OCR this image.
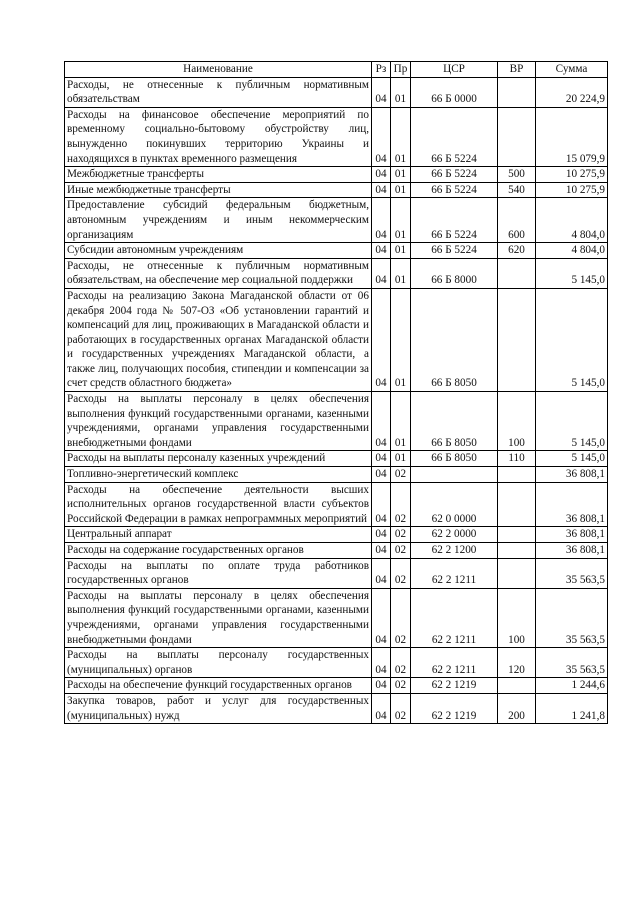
Наименование	Рз	Пр	ЦСР	ВР	Сумма
Расходы, не отнесенные к публичным нормативным обязательствам	04	01	66 Б 0000		20 224,9
Расходы на финансовое обеспечение мероприятий по временному социально-бытовому обустройству лиц, вынужденно покинувших территорию Украины и находящихся в пунктах временного размещения	04	01	66 Б 5224		15 079,9
Межбюджетные трансферты	04	01	66 Б 5224	500	10 275,9
Иные межбюджетные трансферты	04	01	66 Б 5224	540	10 275,9
Предоставление субсидий федеральным бюджетным, автономным учреждениям и иным некоммерческим организациям	04	01	66 Б 5224	600	4 804,0
Субсидии автономным учреждениям	04	01	66 Б 5224	620	4 804,0
Расходы, не отнесенные к публичным нормативным обязательствам, на обеспечение мер социальной поддержки	04	01	66 Б 8000		5 145,0
Расходы на реализацию Закона Магаданской области от 06 декабря 2004 года № 507-ОЗ «Об установлении гарантий и компенсаций для лиц, проживающих в Магаданской области и работающих в государственных органах Магаданской области и государственных учреждениях Магаданской области, а также лиц, получающих пособия, стипендии и компенсации за счет средств областного бюджета»	04	01	66 Б 8050		5 145,0
Расходы на выплаты персоналу в целях обеспечения выполнения функций государственными органами, казенными учреждениями, органами управления государственными внебюджетными фондами	04	01	66 Б 8050	100	5 145,0
Расходы на выплаты персоналу казенных учреждений	04	01	66 Б 8050	110	5 145,0
Топливно-энергетический комплекс	04	02			36 808,1
Расходы на обеспечение деятельности высших исполнительных органов государственной власти субъектов Российской Федерации в рамках непрограммных мероприятий	04	02	62 0 0000		36 808,1
Центральный аппарат	04	02	62 2 0000		36 808,1
Расходы на содержание государственных органов	04	02	62 2 1200		36 808,1
Расходы на выплаты по оплате труда работников государственных органов	04	02	62 2 1211		35 563,5
Расходы на выплаты персоналу в целях обеспечения выполнения функций государственными органами, казенными учреждениями, органами управления государственными внебюджетными фондами	04	02	62 2 1211	100	35 563,5
Расходы на выплаты персоналу государственных (муниципальных) органов	04	02	62 2 1211	120	35 563,5
Расходы на обеспечение функций государственных органов	04	02	62 2 1219		1 244,6
Закупка товаров, работ и услуг для государственных (муниципальных) нужд	04	02	62 2 1219	200	1 241,8
